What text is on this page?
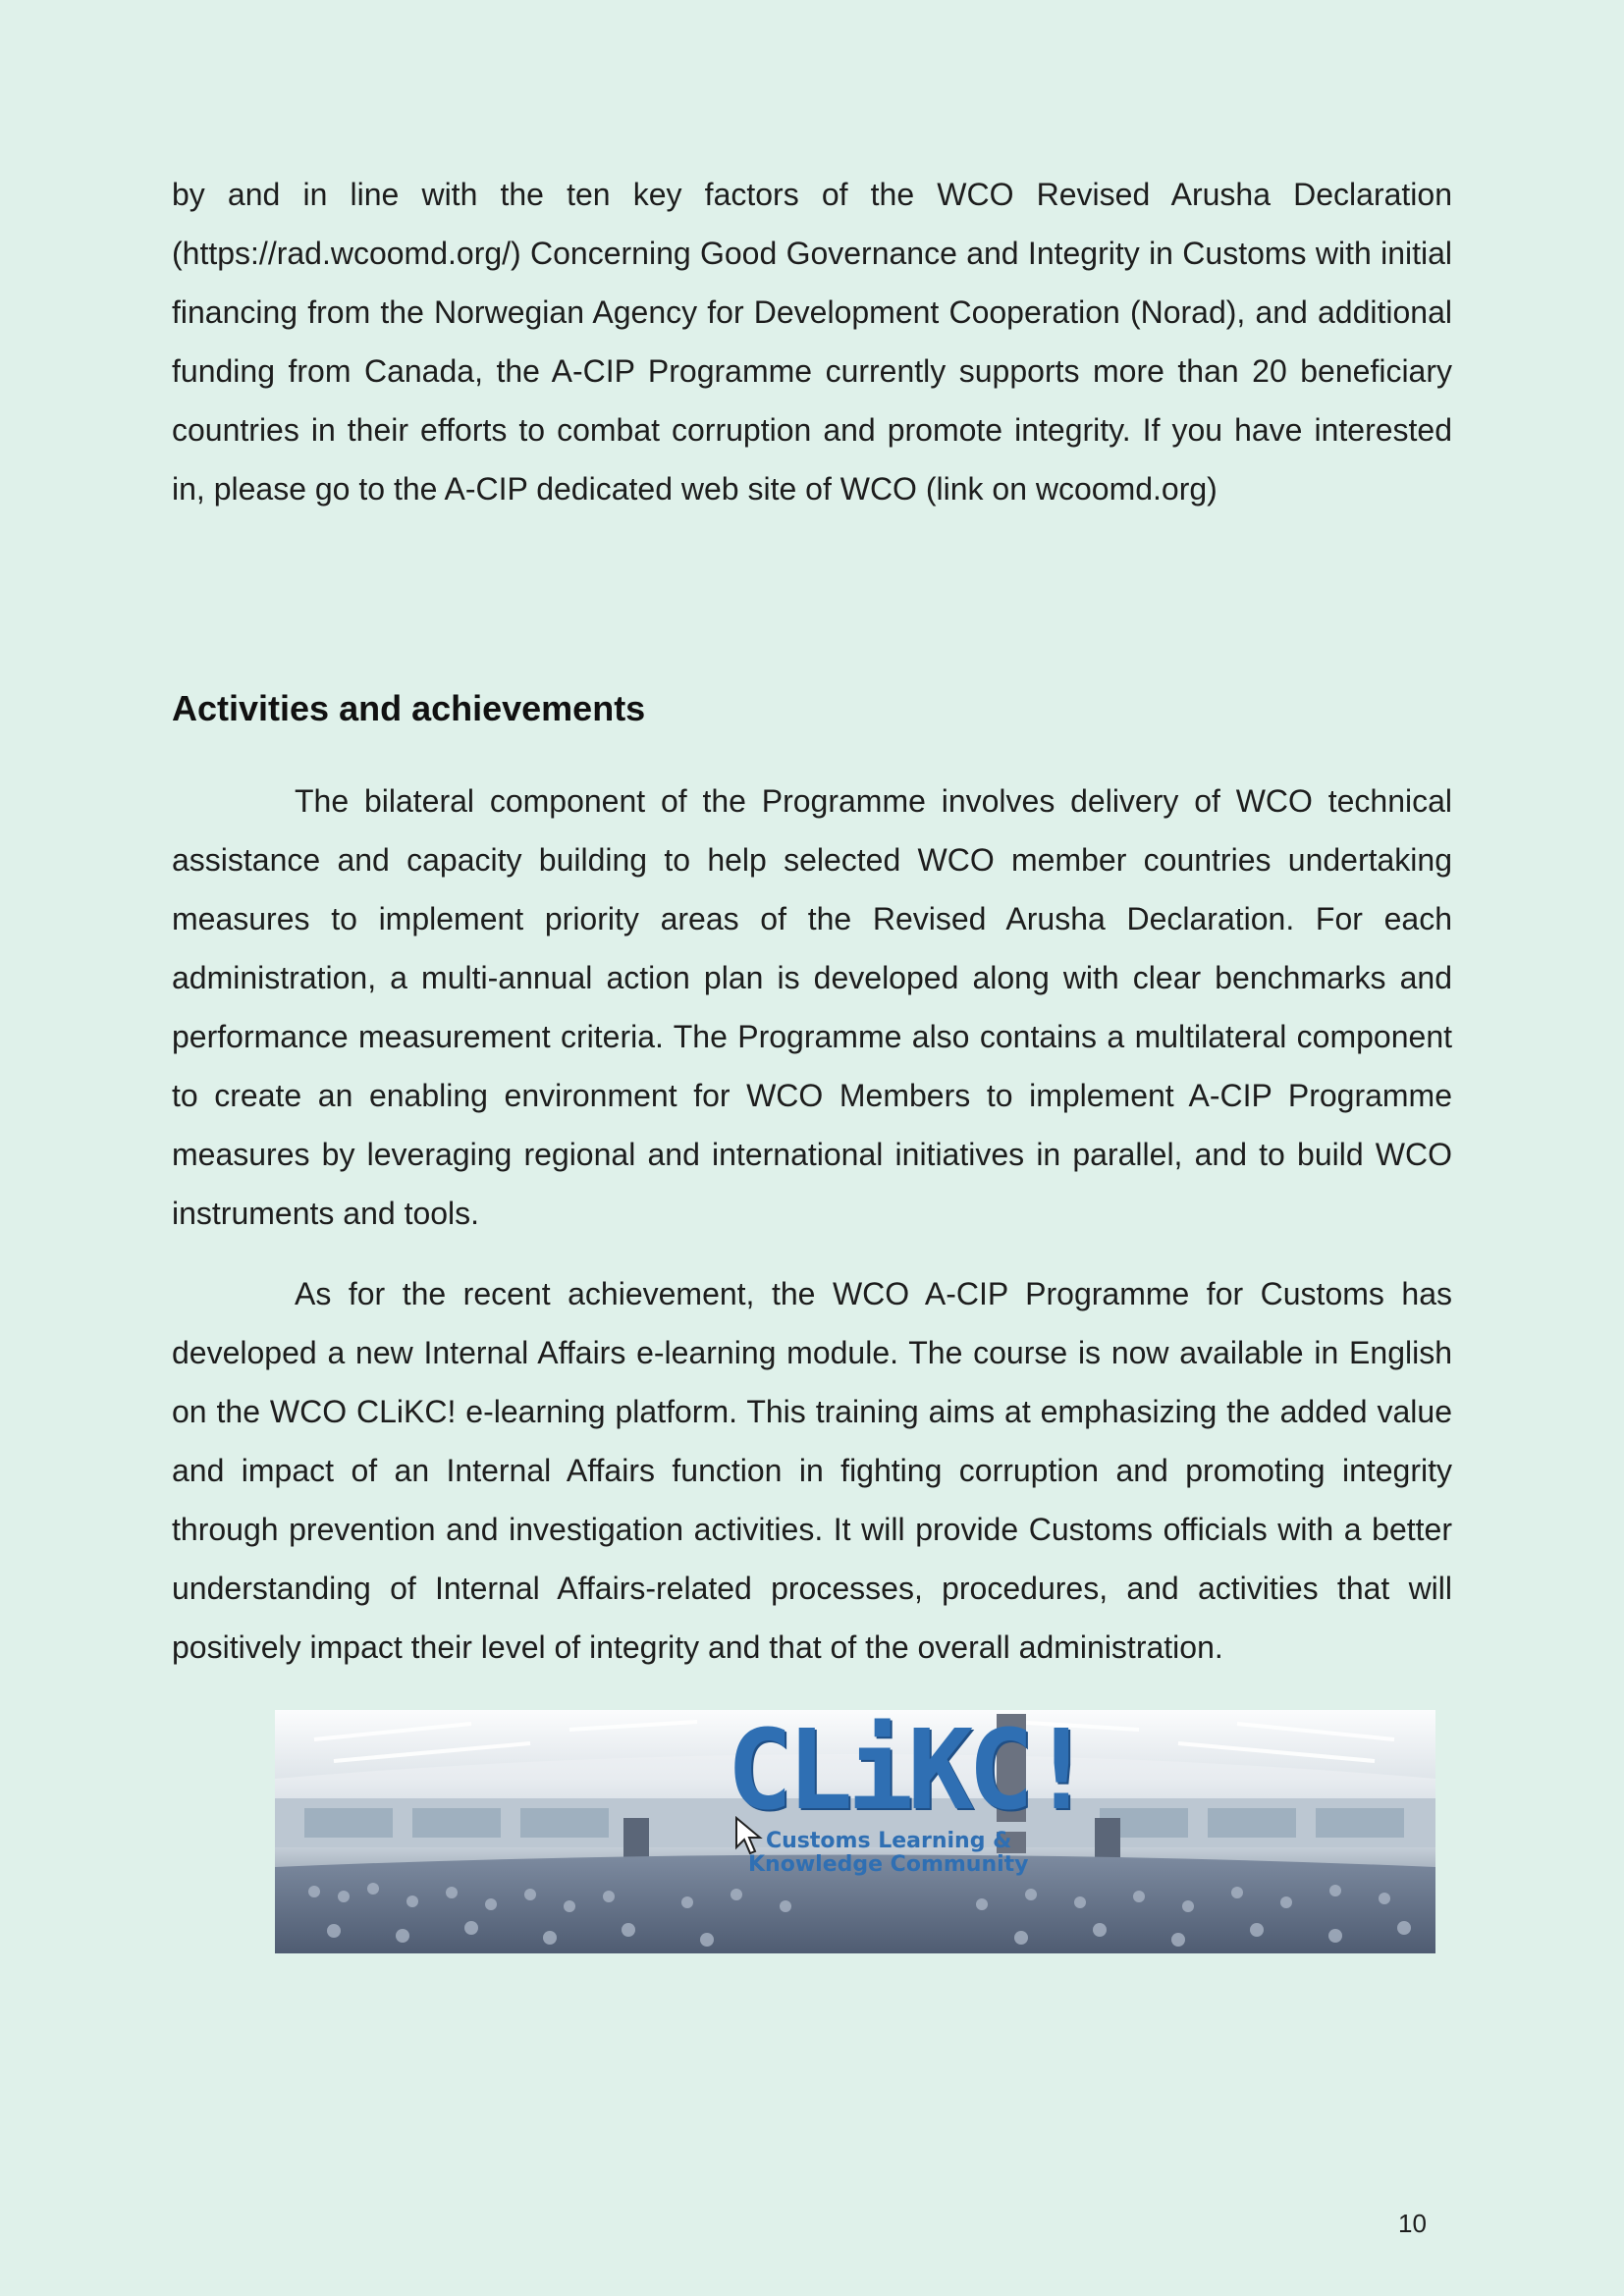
by and in line with the ten key factors of the WCO Revised Arusha Declaration (https://rad.wcoomd.org/) Concerning Good Governance and Integrity in Customs with initial financing from the Norwegian Agency for Development Cooperation (Norad), and additional funding from Canada, the A-CIP Programme currently supports more than 20 beneficiary countries in their efforts to combat corruption and promote integrity. If you have interested in, please go to the A-CIP dedicated web site of WCO (link on wcoomd.org)

Activities and achievements

The bilateral component of the Programme involves delivery of WCO technical assistance and capacity building to help selected WCO member countries undertaking measures to implement priority areas of the Revised Arusha Declaration. For each administration, a multi-annual action plan is developed along with clear benchmarks and performance measurement criteria. The Programme also contains a multilateral component to create an enabling environment for WCO Members to implement A-CIP Programme measures by leveraging regional and international initiatives in parallel, and to build WCO instruments and tools.

As for the recent achievement, the WCO A-CIP Programme for Customs has developed a new Internal Affairs e-learning module. The course is now available in English on the WCO CLiKC! e-learning platform. This training aims at emphasizing the added value and impact of an Internal Affairs function in fighting corruption and promoting integrity through prevention and investigation activities. It will provide Customs officials with a better understanding of Internal Affairs-related processes, procedures, and activities that will positively impact their level of integrity and that of the overall administration.

CLiKC!
Customs Learning &
Knowledge Community
10
